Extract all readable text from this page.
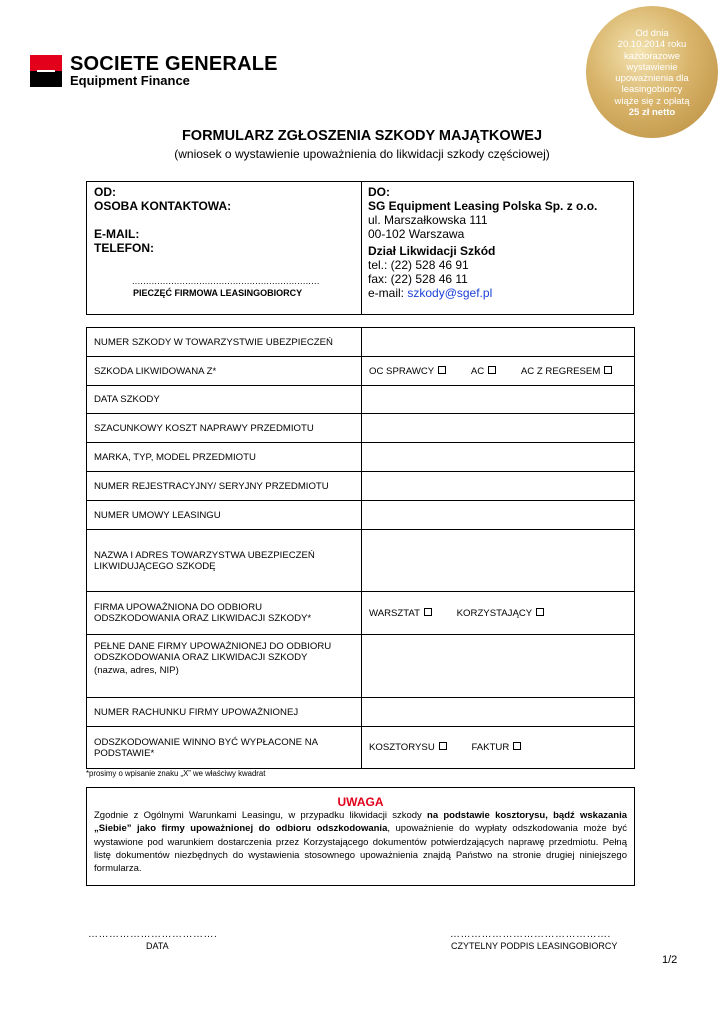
SOCIETE GENERALE
Equipment Finance
Od dnia
20.10.2014 roku
każdorazowe
wystawienie
upoważnienia dla
leasingobiorcy
wiąże się z opłatą
25 zł netto
FORMULARZ ZGŁOSZENIA SZKODY MAJĄTKOWEJ
(wniosek o wystawienie upoważnienia do likwidacji szkody częściowej)
OD:
OSOBA KONTAKTOWA:
E-MAIL:
TELEFON:
...................................................................
PIECZĘĆ FIRMOWA LEASINGOBIORCY
DO:
SG Equipment Leasing Polska Sp. z o.o.
ul. Marszałkowska 111
00-102 Warszawa
Dział Likwidacji Szkód
tel.: (22) 528 46 91
fax: (22) 528 46 11
e-mail: szkody@sgef.pl
NUMER SZKODY W TOWARZYSTWIE UBEZPIECZEŃ	
SZKODA LIKWIDOWANA Z*	OC SPRAWCY AC AC Z REGRESEM
DATA SZKODY	
SZACUNKOWY KOSZT NAPRAWY PRZEDMIOTU	
MARKA, TYP, MODEL PRZEDMIOTU	
NUMER REJESTRACYJNY/ SERYJNY PRZEDMIOTU	
NUMER UMOWY LEASINGU	

NAZWA I ADRES TOWARZYSTWA UBEZPIECZEŃ
LIKWIDUJĄCEGO SZKODĘ	

FIRMA UPOWAŻNIONA DO ODBIORU
ODSZKODOWANIA ORAZ LIKWIDACJI SZKODY*	WARSZTAT KORZYSTAJĄCY

PEŁNE DANE FIRMY UPOWAŻNIONEJ DO ODBIORU
ODSZKODOWANIA ORAZ LIKWIDACJI SZKODY
(nazwa, adres, NIP)	

NUMER RACHUNKU FIRMY UPOWAŻNIONEJ	

ODSZKODOWANIE WINNO BYĆ WYPŁACONE NA
PODSTAWIE*	KOSZTORYSU FAKTUR
*prosimy o wpisanie znaku „X” we właściwy kwadrat
UWAGA
Zgodnie z Ogólnymi Warunkami Leasingu, w przypadku likwidacji szkody na podstawie kosztorysu, bądź wskazania „Siebie” jako firmy upoważnionej do odbioru odszkodowania, upoważnienie do wypłaty odszkodowania może być wystawione pod warunkiem dostarczenia przez Korzystającego dokumentów potwierdzających naprawę przedmiotu. Pełną listę dokumentów niezbędnych do wystawienia stosownego upoważnienia znajdą Państwo na stronie drugiej niniejszego formularza.
……………………………….
DATA
……………………………………….
CZYTELNY PODPIS LEASINGOBIORCY
1/2
